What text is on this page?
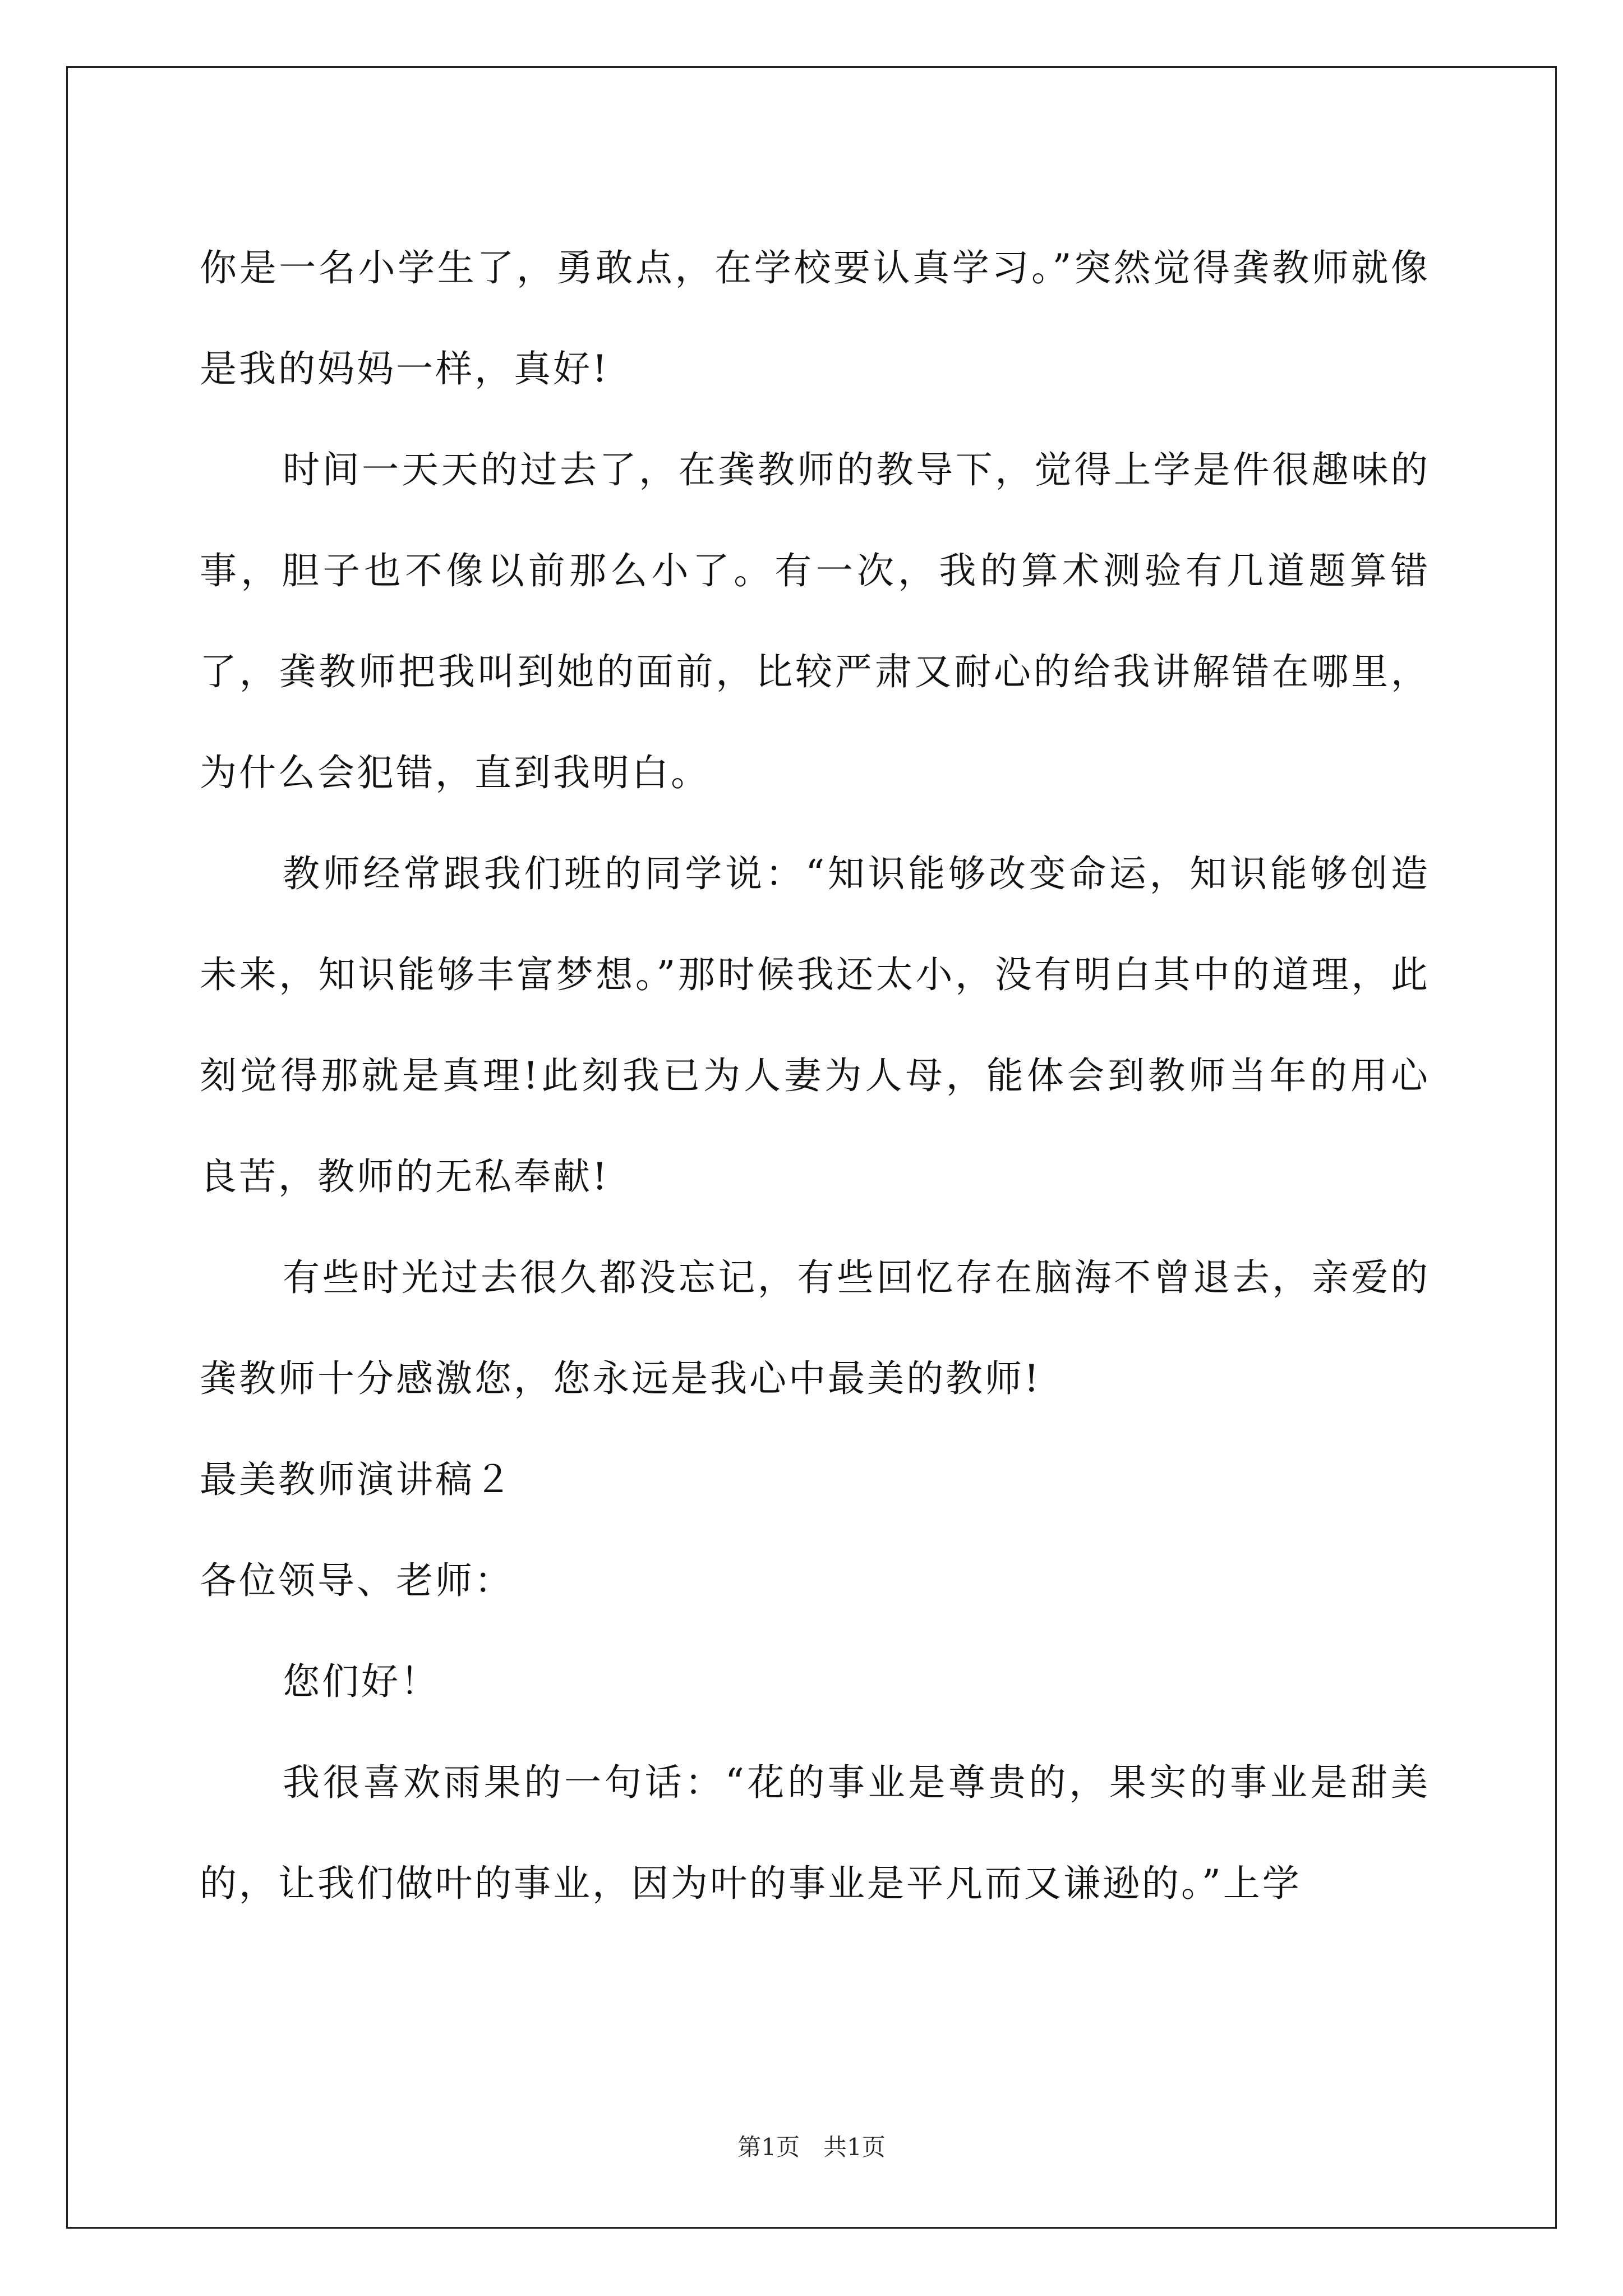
你是一名小学生了，勇敢点，在学校要认真学习。”突然觉得龚教师就像是我的妈妈一样，真好!

时间一天天的过去了，在龚教师的教导下，觉得上学是件很趣味的事，胆子也不像以前那么小了。有一次，我的算术测验有几道题算错了，龚教师把我叫到她的面前，比较严肃又耐心的给我讲解错在哪里，为什么会犯错，直到我明白。

教师经常跟我们班的同学说：“知识能够改变命运，知识能够创造未来，知识能够丰富梦想。”那时候我还太小，没有明白其中的道理，此刻觉得那就是真理!此刻我已为人妻为人母，能体会到教师当年的用心良苦，教师的无私奉献!

有些时光过去很久都没忘记，有些回忆存在脑海不曾退去，亲爱的龚教师十分感激您，您永远是我心中最美的教师!

最美教师演讲稿２

各位领导、老师：

您们好！

我很喜欢雨果的一句话：“花的事业是尊贵的，果实的事业是甜美的，让我们做叶的事业，因为叶的事业是平凡而又谦逊的。”上学

第1页　共1页
